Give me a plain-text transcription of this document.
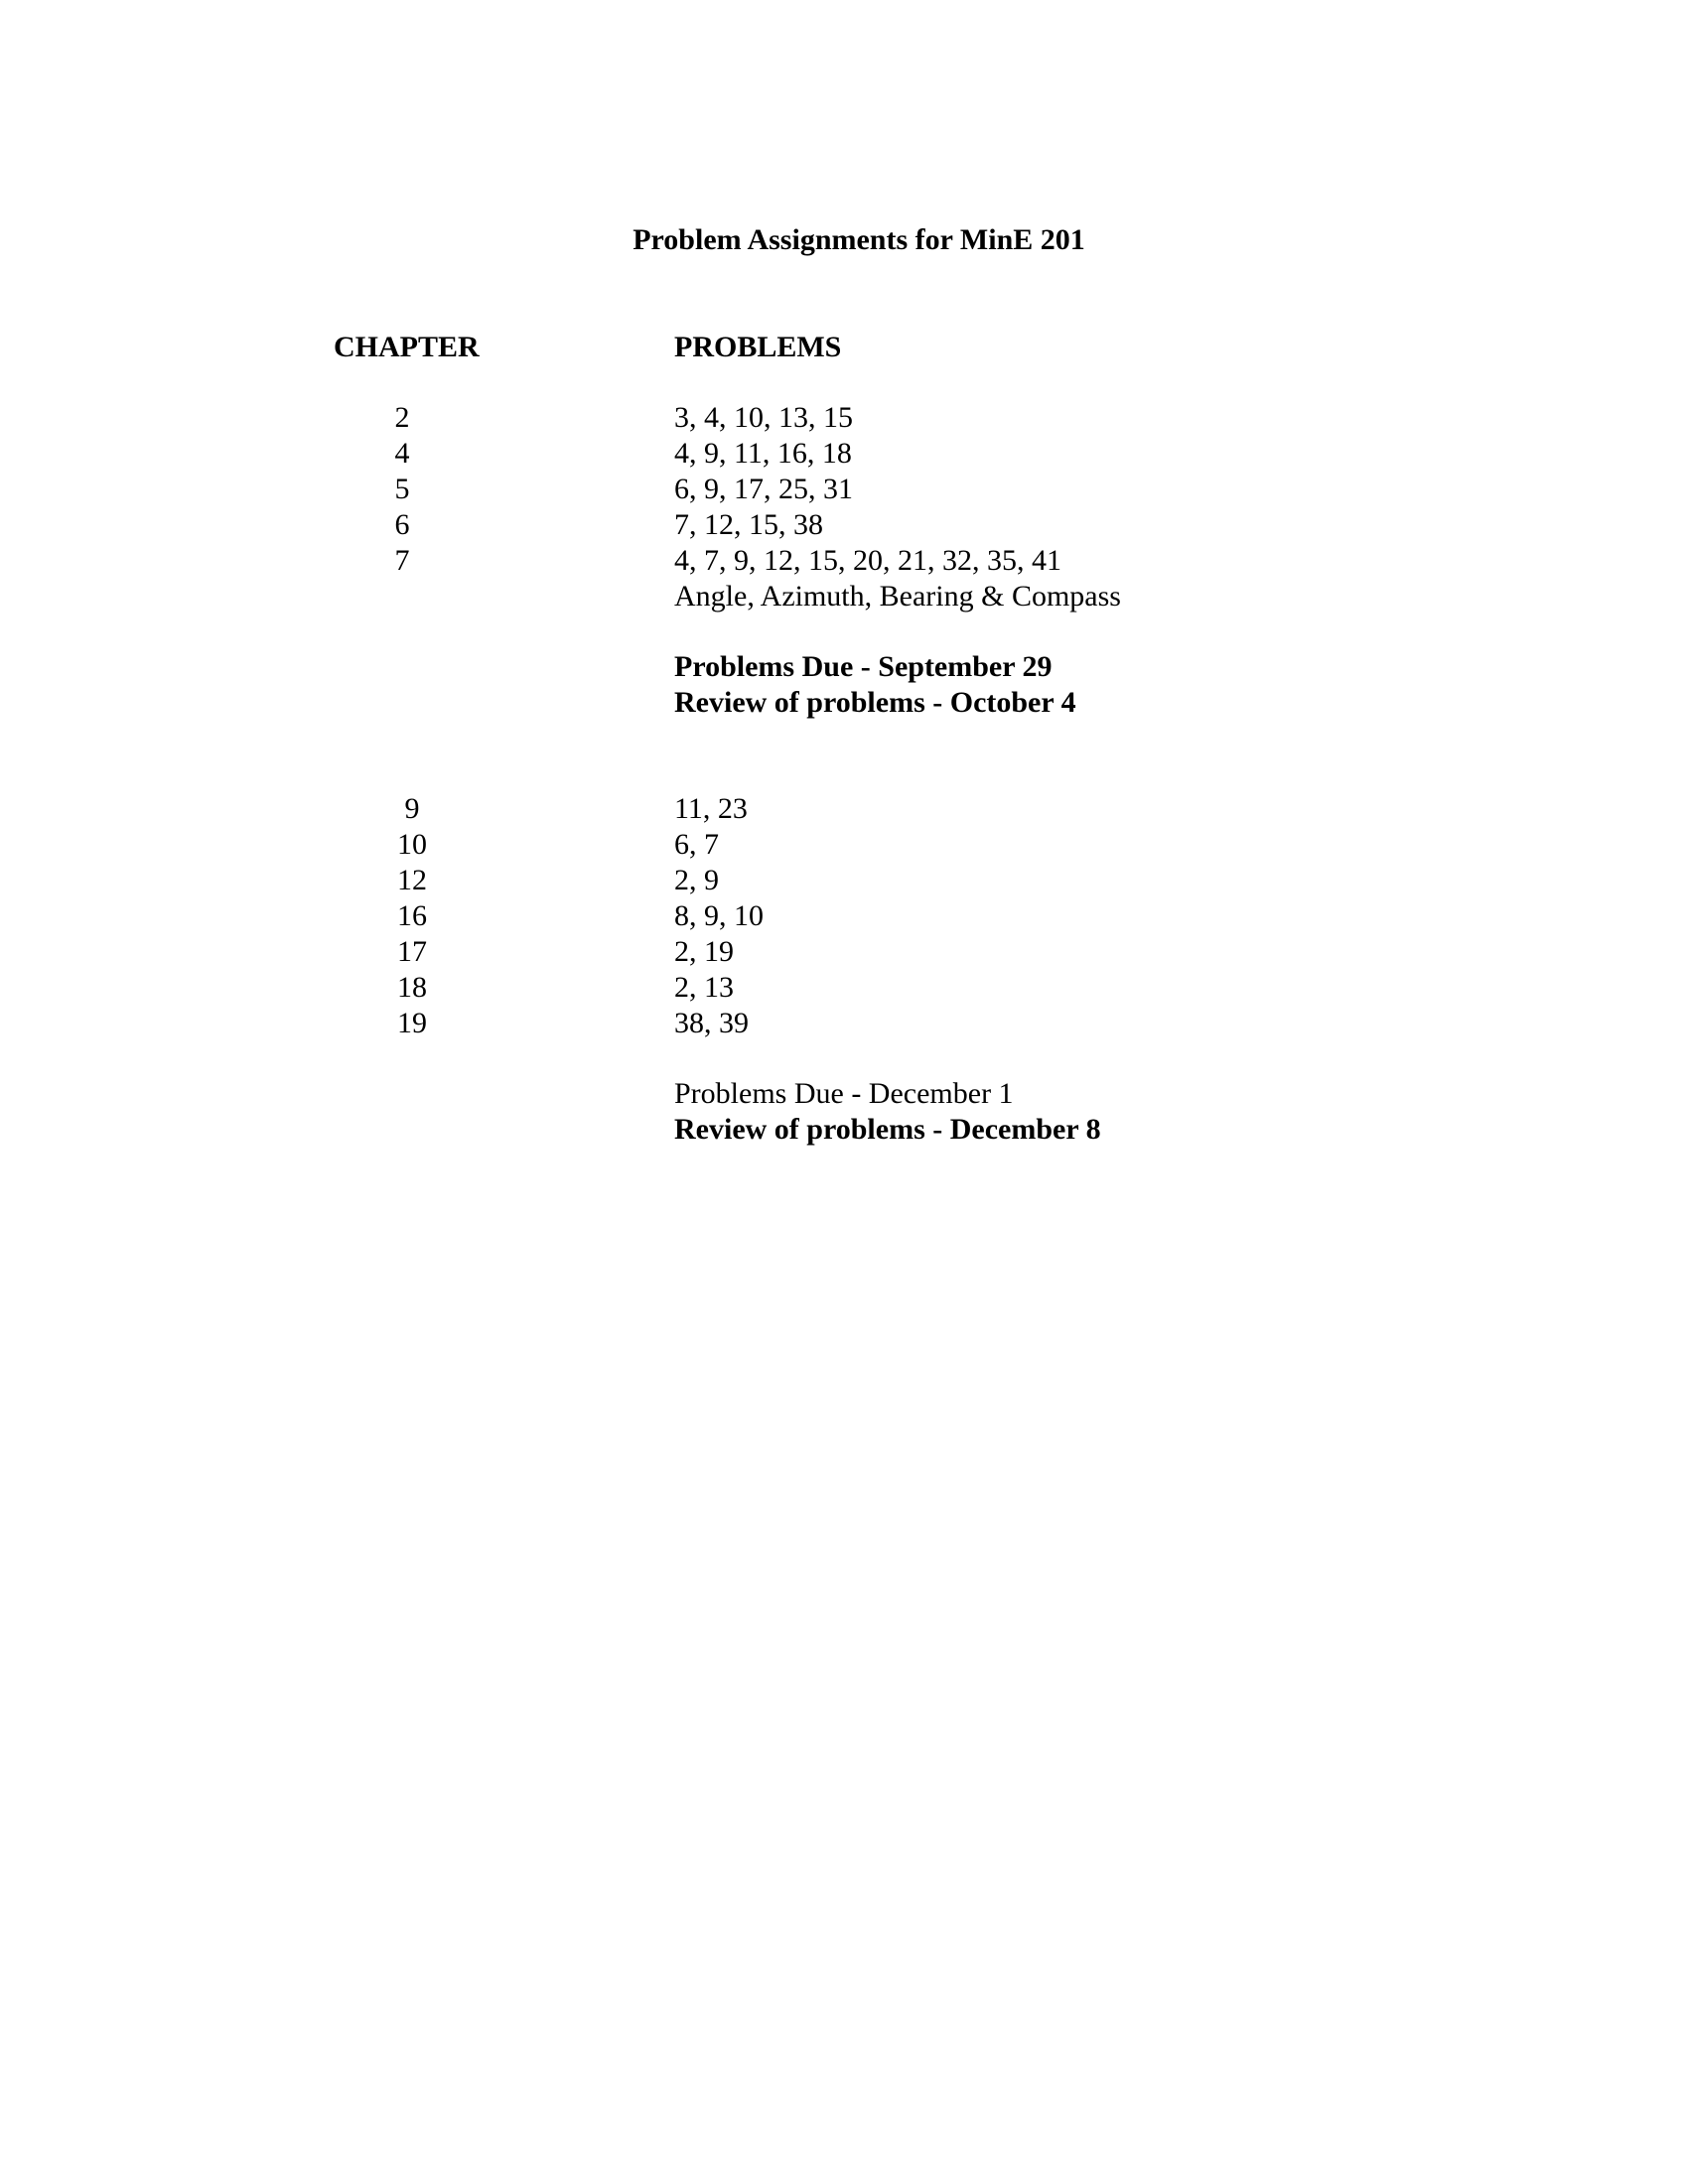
Problem Assignments for MinE 201
CHAPTER	PROBLEMS
2	3, 4, 10, 13, 15
4	4, 9, 11, 16, 18
5	6, 9, 17, 25, 31
6	7, 12, 15, 38
7	4, 7, 9, 12, 15, 20, 21, 32, 35, 41
Angle, Azimuth, Bearing & Compass
Problems Due - September 29
Review of problems - October 4
9	11, 23
10	6, 7
12	2, 9
16	8, 9, 10
17	2, 19
18	2, 13
19	38, 39
Problems Due - December 1
Review of problems - December 8
